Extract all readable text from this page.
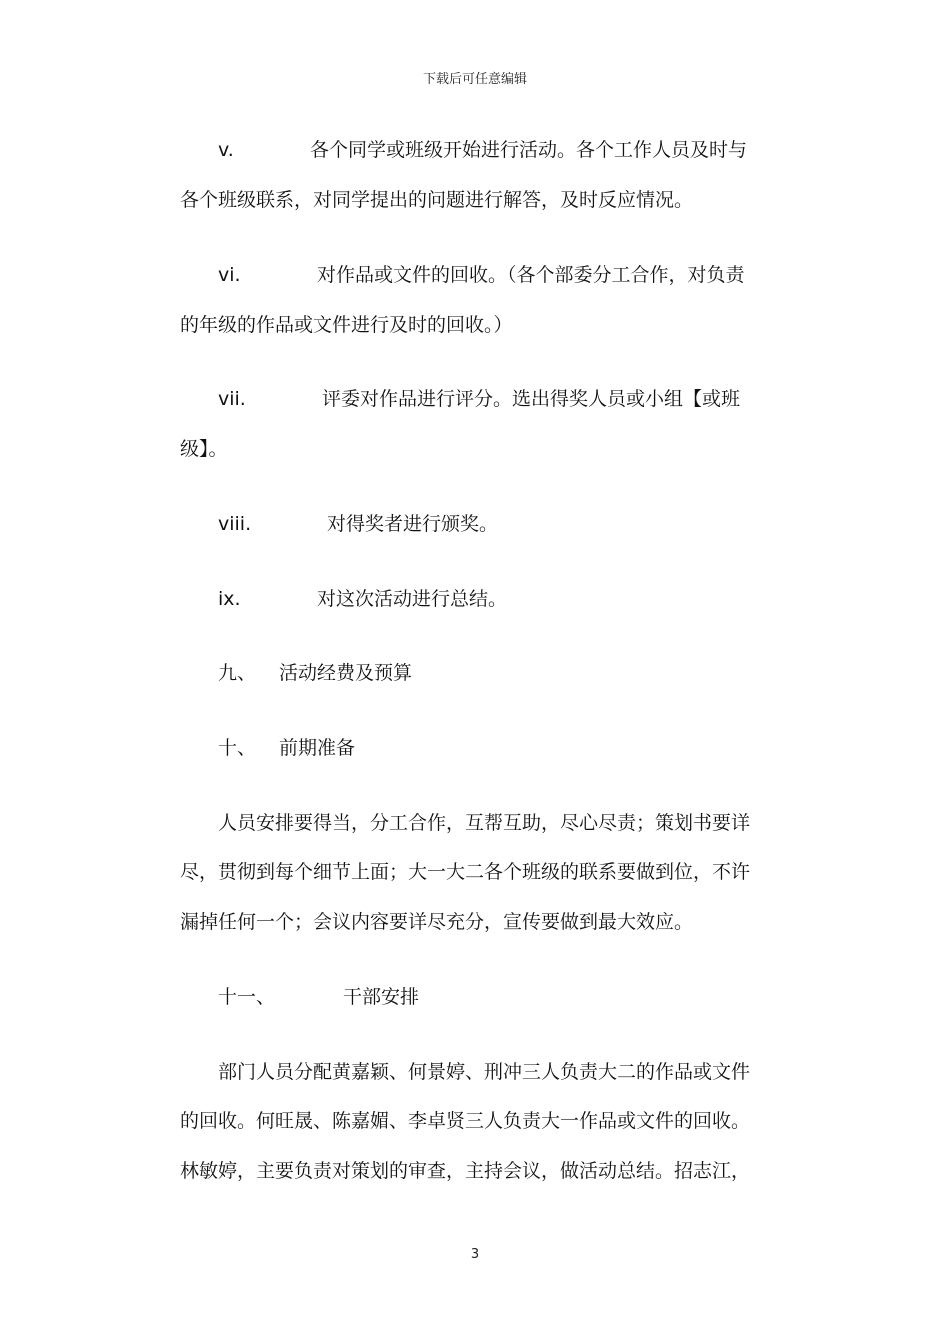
下载后可任意编辑
v.	各个同学或班级开始进行活动。各个工作人员及时与
各个班级联系，对同学提出的问题进行解答，及时反应情况。
vi.	对作品或文件的回收。（各个部委分工合作，对负责
的年级的作品或文件进行及时的回收。）
vii.	评委对作品进行评分。选出得奖人员或小组【或班
级】。
viii.	对得奖者进行颁奖。
ix.	对这次活动进行总结。
九、 活动经费及预算
十、 前期准备
人员安排要得当，分工合作，互帮互助，尽心尽责；策划书要详
尽，贯彻到每个细节上面；大一大二各个班级的联系要做到位，不许
漏掉任何一个；会议内容要详尽充分，宣传要做到最大效应。
十一、	干部安排
部门人员分配黄嘉颖、何景婷、刑冲三人负责大二的作品或文件
的回收。何旺晟、陈嘉媚、李卓贤三人负责大一作品或文件的回收。
林敏婷，主要负责对策划的审查，主持会议，做活动总结。招志江，
3
